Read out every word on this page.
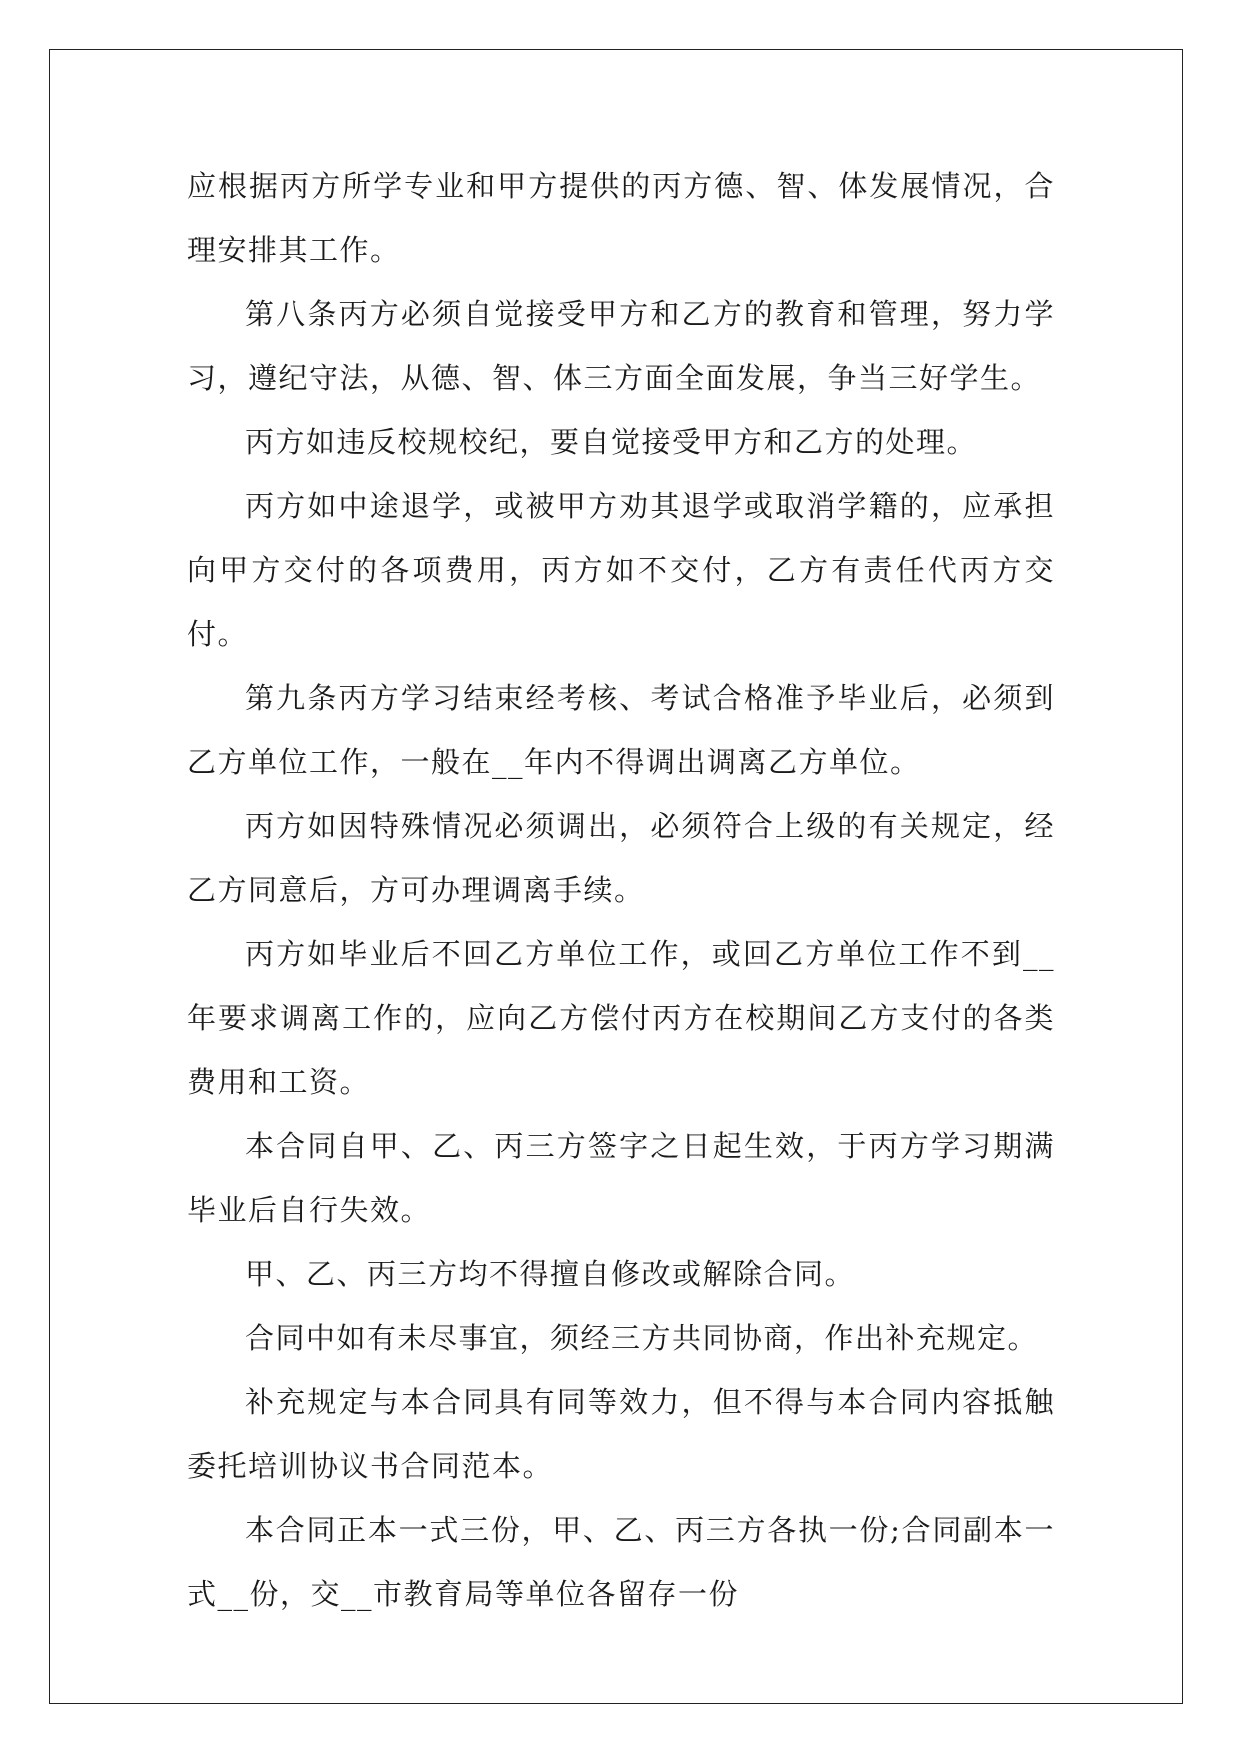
应根据丙方所学专业和甲方提供的丙方德、智、体发展情况，合理安排其工作。

第八条丙方必须自觉接受甲方和乙方的教育和管理，努力学习，遵纪守法，从德、智、体三方面全面发展，争当三好学生。

丙方如违反校规校纪，要自觉接受甲方和乙方的处理。

丙方如中途退学，或被甲方劝其退学或取消学籍的，应承担向甲方交付的各项费用，丙方如不交付，乙方有责任代丙方交付。

第九条丙方学习结束经考核、考试合格准予毕业后，必须到乙方单位工作，一般在__年内不得调出调离乙方单位。

丙方如因特殊情况必须调出，必须符合上级的有关规定，经乙方同意后，方可办理调离手续。

丙方如毕业后不回乙方单位工作，或回乙方单位工作不到__年要求调离工作的，应向乙方偿付丙方在校期间乙方支付的各类费用和工资。

本合同自甲、乙、丙三方签字之日起生效，于丙方学习期满毕业后自行失效。

甲、乙、丙三方均不得擅自修改或解除合同。

合同中如有未尽事宜，须经三方共同协商，作出补充规定。

补充规定与本合同具有同等效力，但不得与本合同内容抵触委托培训协议书合同范本。

本合同正本一式三份，甲、乙、丙三方各执一份;合同副本一式__份，交__市教育局等单位各留存一份
